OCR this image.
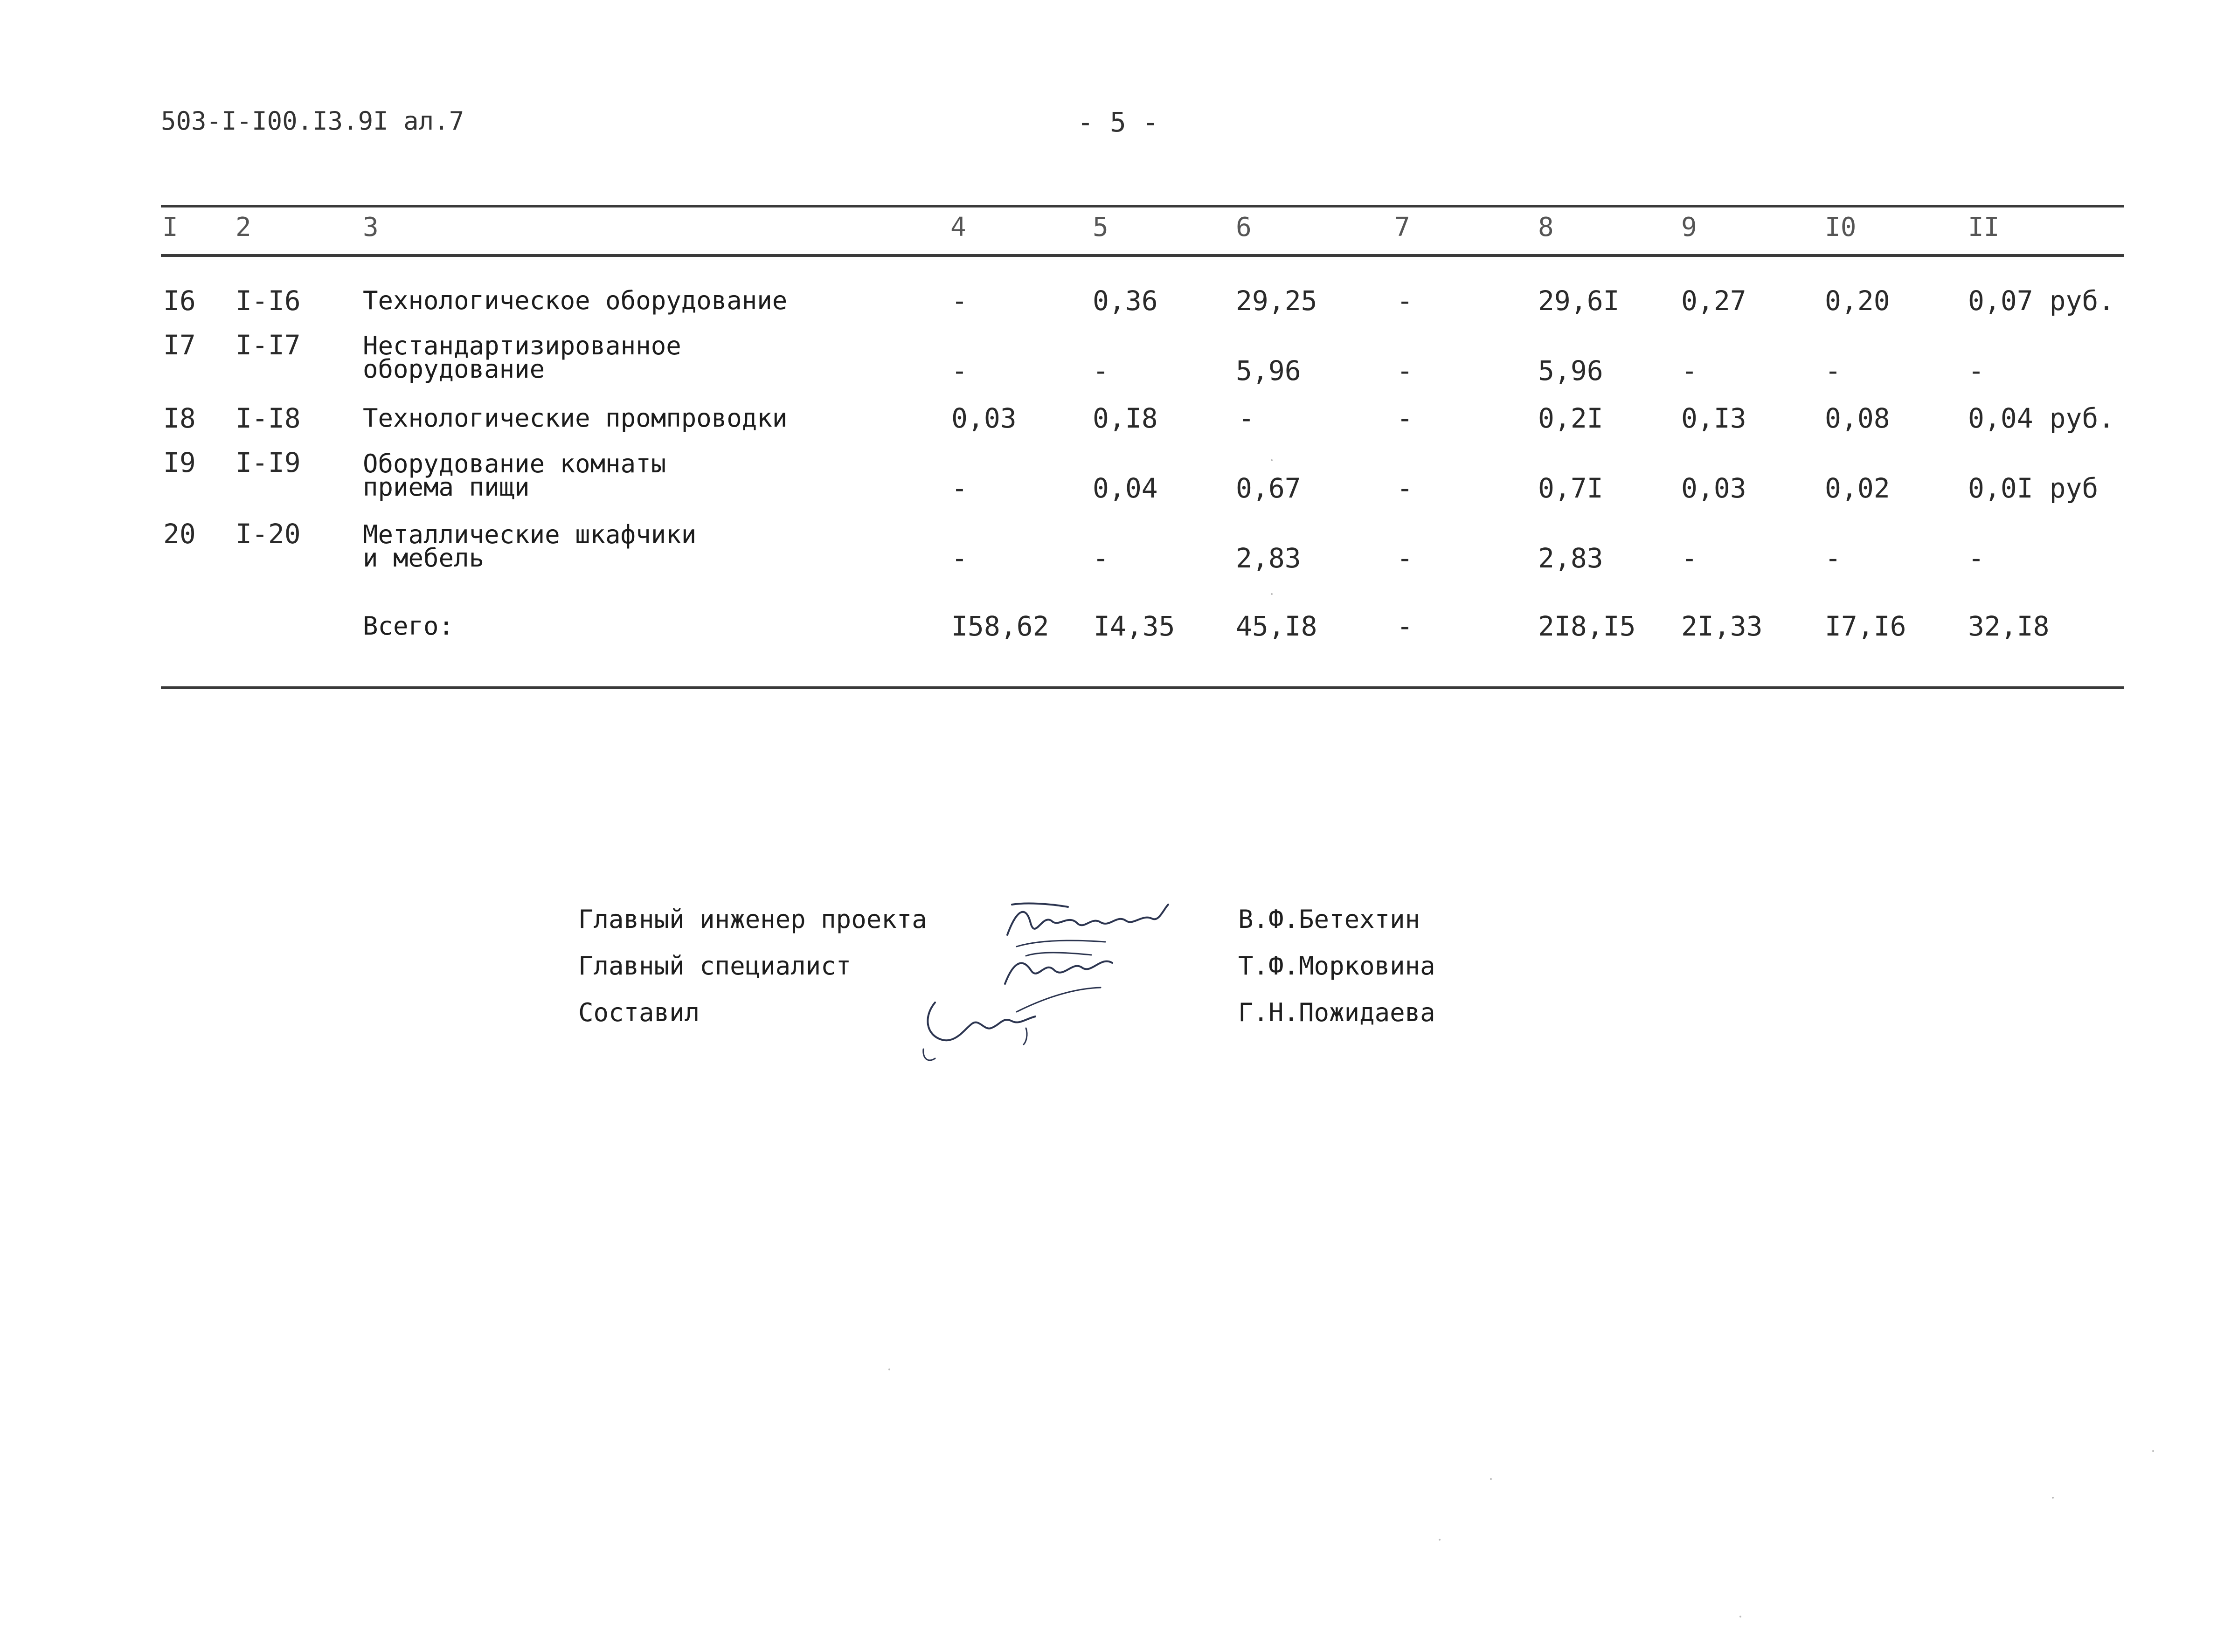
503-I-I00.I3.9I ал.7	- 5 -
I 2	3	4	5	6	7	8	9	I0	II
I6 I-I6 Технологическое оборудование	-	0,36	29,25	-	29,6I 0,27	0,20	0,07 руб.
I7 I-I7 Нестандартизированное оборудование	-	-	5,96	-	5,96	-	-	-
I8 I-I8 Технологические промпроводки	0,03	0,I8	-	-	0,2I	0,I3	0,08	0,04 руб.
I9 I-I9 Оборудование комнаты приема пищи	-	0,04	0,67	-	0,7I	0,03	0,02	0,0I руб
20 I-20 Металлические шкафчики и мебель	-	-	2,83	-	2,83	-	-	-
Всего:	I58,62 I4,35 45,I8	-	2I8,I5 2I,33 I7,I6 32,I8
Главный инженер проекта	В.Ф.Бетехтин
Главный специалист	Т.Ф.Морковина
Составил	Г.Н.Пожидаева
